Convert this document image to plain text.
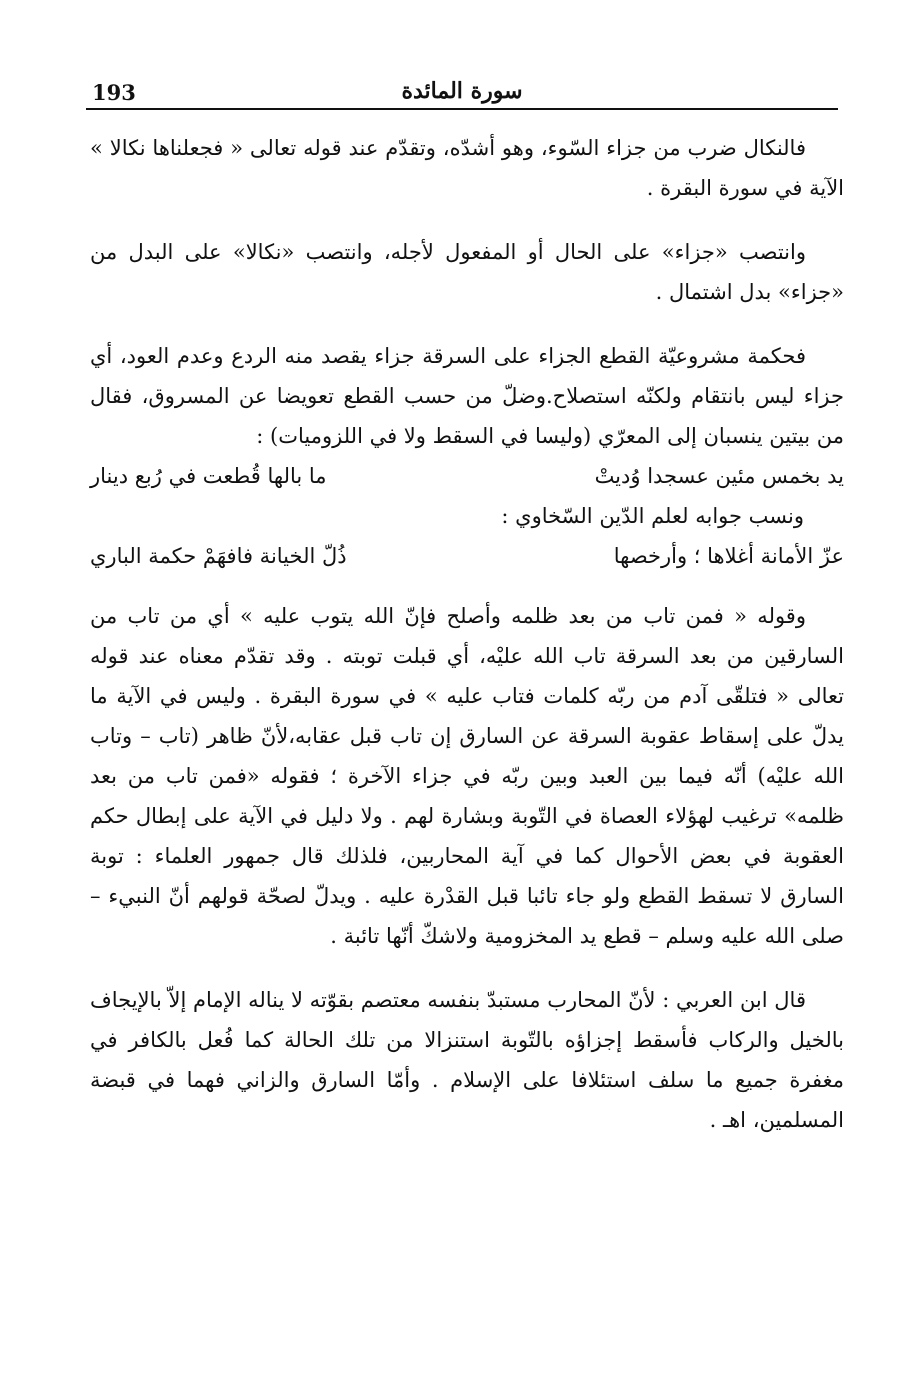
193	سورة المائدة

فالنكال ضرب من جزاء السّوء، وهو أشدّه، وتقدّم عند قوله تعالى « فجعلناها نكالا » الآية في سورة البقرة .

وانتصب «جزاء» على الحال أو المفعول لأجله، وانتصب «نكالا» على البدل من «جزاء» بدل اشتمال .

فحكمة مشروعيّة القطع الجزاء على السرقة جزاء يقصد منه الردع وعدم العود، أي جزاء ليس بانتقام ولكنّه استصلاح.وضلّ من حسب القطع تعويضا عن المسروق، فقال من بيتين ينسبان إلى المعرّي (وليسا في السقط ولا في اللزوميات) :

يد بخمس مئين عسجدا وُديتْ
ما بالها قُطعت في رُبع دينار

ونسب جوابه لعلم الدّين السّخاوي :

عزّ الأمانة أغلاها ؛ وأرخصها
ذُلّ الخيانة فافهَمْ حكمة الباري

وقوله « فمن تاب من بعد ظلمه وأصلح فإنّ الله يتوب عليه » أي من تاب من السارقين من بعد السرقة تاب الله عليْه، أي قبلت توبته . وقد تقدّم معناه عند قوله تعالى « فتلقّى آدم من ربّه كلمات فتاب عليه » في سورة البقرة . وليس في الآية ما يدلّ على إسقاط عقوبة السرقة عن السارق إن تاب قبل عقابه،لأنّ ظاهر (تاب – وتاب الله عليْه) أنّه فيما بين العبد وبين ربّه في جزاء الآخرة ؛ فقوله «فمن تاب من بعد ظلمه» ترغيب لهؤلاء العصاة في التّوبة وبشارة لهم . ولا دليل في الآية على إبطال حكم العقوبة في بعض الأحوال كما في آية المحاربين، فلذلك قال جمهور العلماء : توبة السارق لا تسقط القطع ولو جاء تائبا قبل القدْرة عليه . ويدلّ لصحّة قولهم أنّ النبيء – صلى الله عليه وسلم – قطع يد المخزومية ولاشكّ أنّها تائبة .

قال ابن العربي : لأنّ المحارب مستبدّ بنفسه معتصم بقوّته لا يناله الإمام إلاّ بالإيجاف بالخيل والركاب فأسقط إجزاؤه بالتّوبة استنزالا من تلك الحالة كما فُعل بالكافر في مغفرة جميع ما سلف استئلافا على الإسلام . وأمّا السارق والزاني فهما في قبضة المسلمين، اهـ .
